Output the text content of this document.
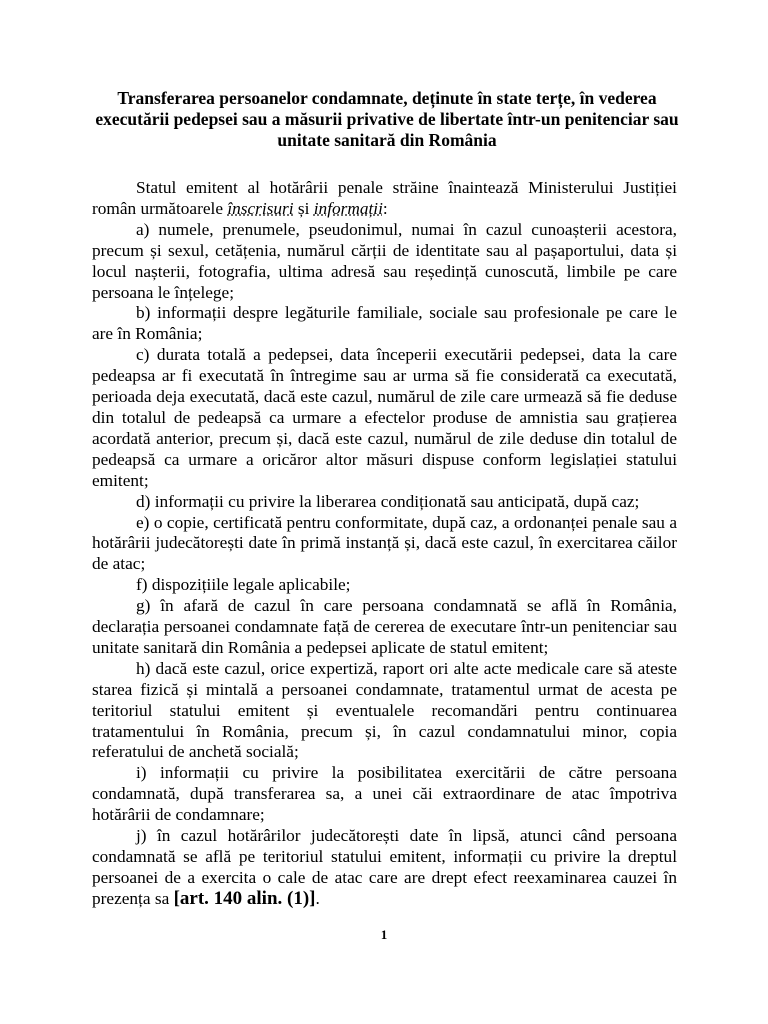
Transferarea persoanelor condamnate, deținute în state terțe, în vederea executării pedepsei sau a măsurii privative de libertate într-un penitenciar sau unitate sanitară din România

Statul emitent al hotărârii penale străine înaintează Ministerului Justiției român următoarele înscrisuri și informații:

a) numele, prenumele, pseudonimul, numai în cazul cunoașterii acestora, precum și sexul, cetățenia, numărul cărții de identitate sau al pașaportului, data și locul nașterii, fotografia, ultima adresă sau reședință cunoscută, limbile pe care persoana le înțelege;

b) informații despre legăturile familiale, sociale sau profesionale pe care le are în România;

c) durata totală a pedepsei, data începerii executării pedepsei, data la care pedeapsa ar fi executată în întregime sau ar urma să fie considerată ca executată, perioada deja executată, dacă este cazul, numărul de zile care urmează să fie deduse din totalul de pedeapsă ca urmare a efectelor produse de amnistia sau grațierea acordată anterior, precum și, dacă este cazul, numărul de zile deduse din totalul de pedeapsă ca urmare a oricăror altor măsuri dispuse conform legislației statului emitent;

d) informații cu privire la liberarea condiționată sau anticipată, după caz;

e) o copie, certificată pentru conformitate, după caz, a ordonanței penale sau a hotărârii judecătorești date în primă instanță și, dacă este cazul, în exercitarea căilor de atac;

f) dispozițiile legale aplicabile;

g) în afară de cazul în care persoana condamnată se află în România, declarația persoanei condamnate față de cererea de executare într-un penitenciar sau unitate sanitară din România a pedepsei aplicate de statul emitent;

h) dacă este cazul, orice expertiză, raport ori alte acte medicale care să ateste starea fizică și mintală a persoanei condamnate, tratamentul urmat de acesta pe teritoriul statului emitent și eventualele recomandări pentru continuarea tratamentului în România, precum și, în cazul condamnatului minor, copia referatului de anchetă socială;

i) informații cu privire la posibilitatea exercitării de către persoana condamnată, după transferarea sa, a unei căi extraordinare de atac împotriva hotărârii de condamnare;

j) în cazul hotărârilor judecătorești date în lipsă, atunci când persoana condamnată se află pe teritoriul statului emitent, informații cu privire la dreptul persoanei de a exercita o cale de atac care are drept efect reexaminarea cauzei în prezența sa [art. 140 alin. (1)].

1
